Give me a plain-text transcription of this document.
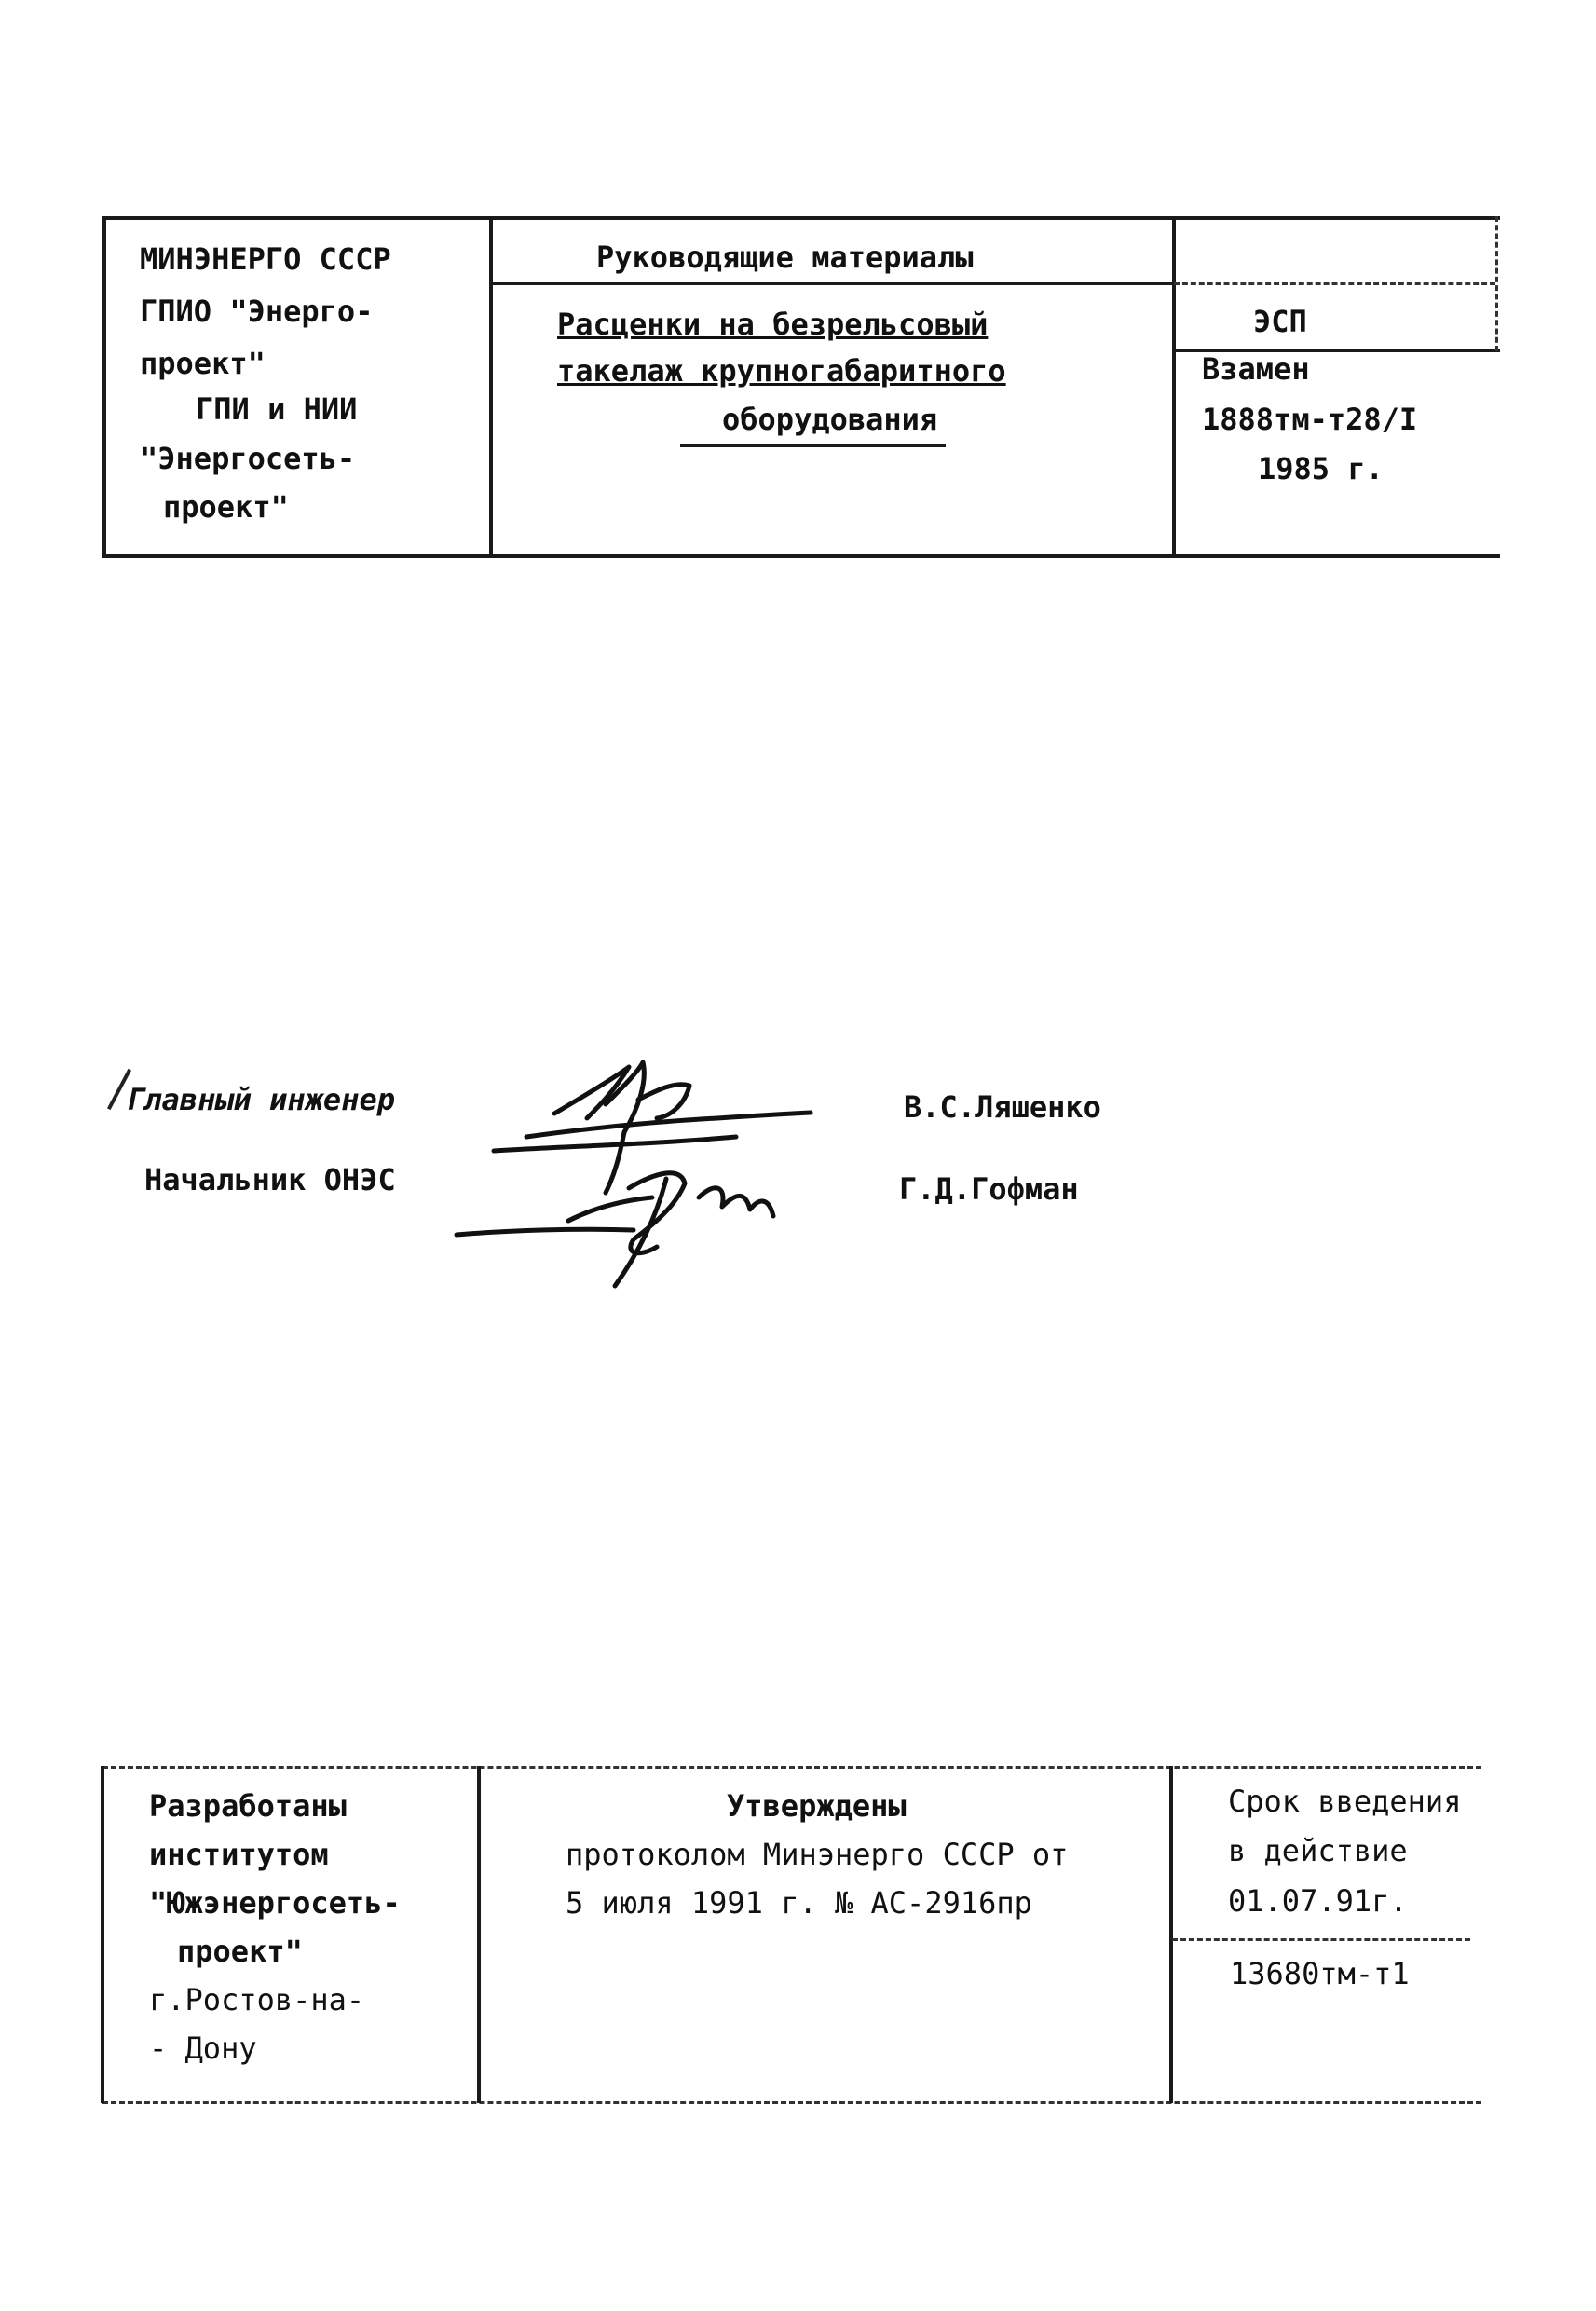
МИНЭНЕРГО СССР
ГПИО "Энерго-
проект"
ГПИ и НИИ
"Энергосеть-
проект"
Руководящие материалы
Расценки на безрельсовый
такелаж крупногабаритного
оборудования
ЭСП
Взамен
1888тм-т28/I
1985 г.
Главный инженер	В.С.Ляшенко
Начальник ОНЭС	Г.Д.Гофман
Разработаны
институтом
"Южэнергосеть-
проект"
г.Ростов-на-
- Дону
Утверждены
протоколом Минэнерго СССР от
5 июля 1991 г. № АС-2916пр
Срок введения
в действие
01.07.91г.
13680тм-т1
